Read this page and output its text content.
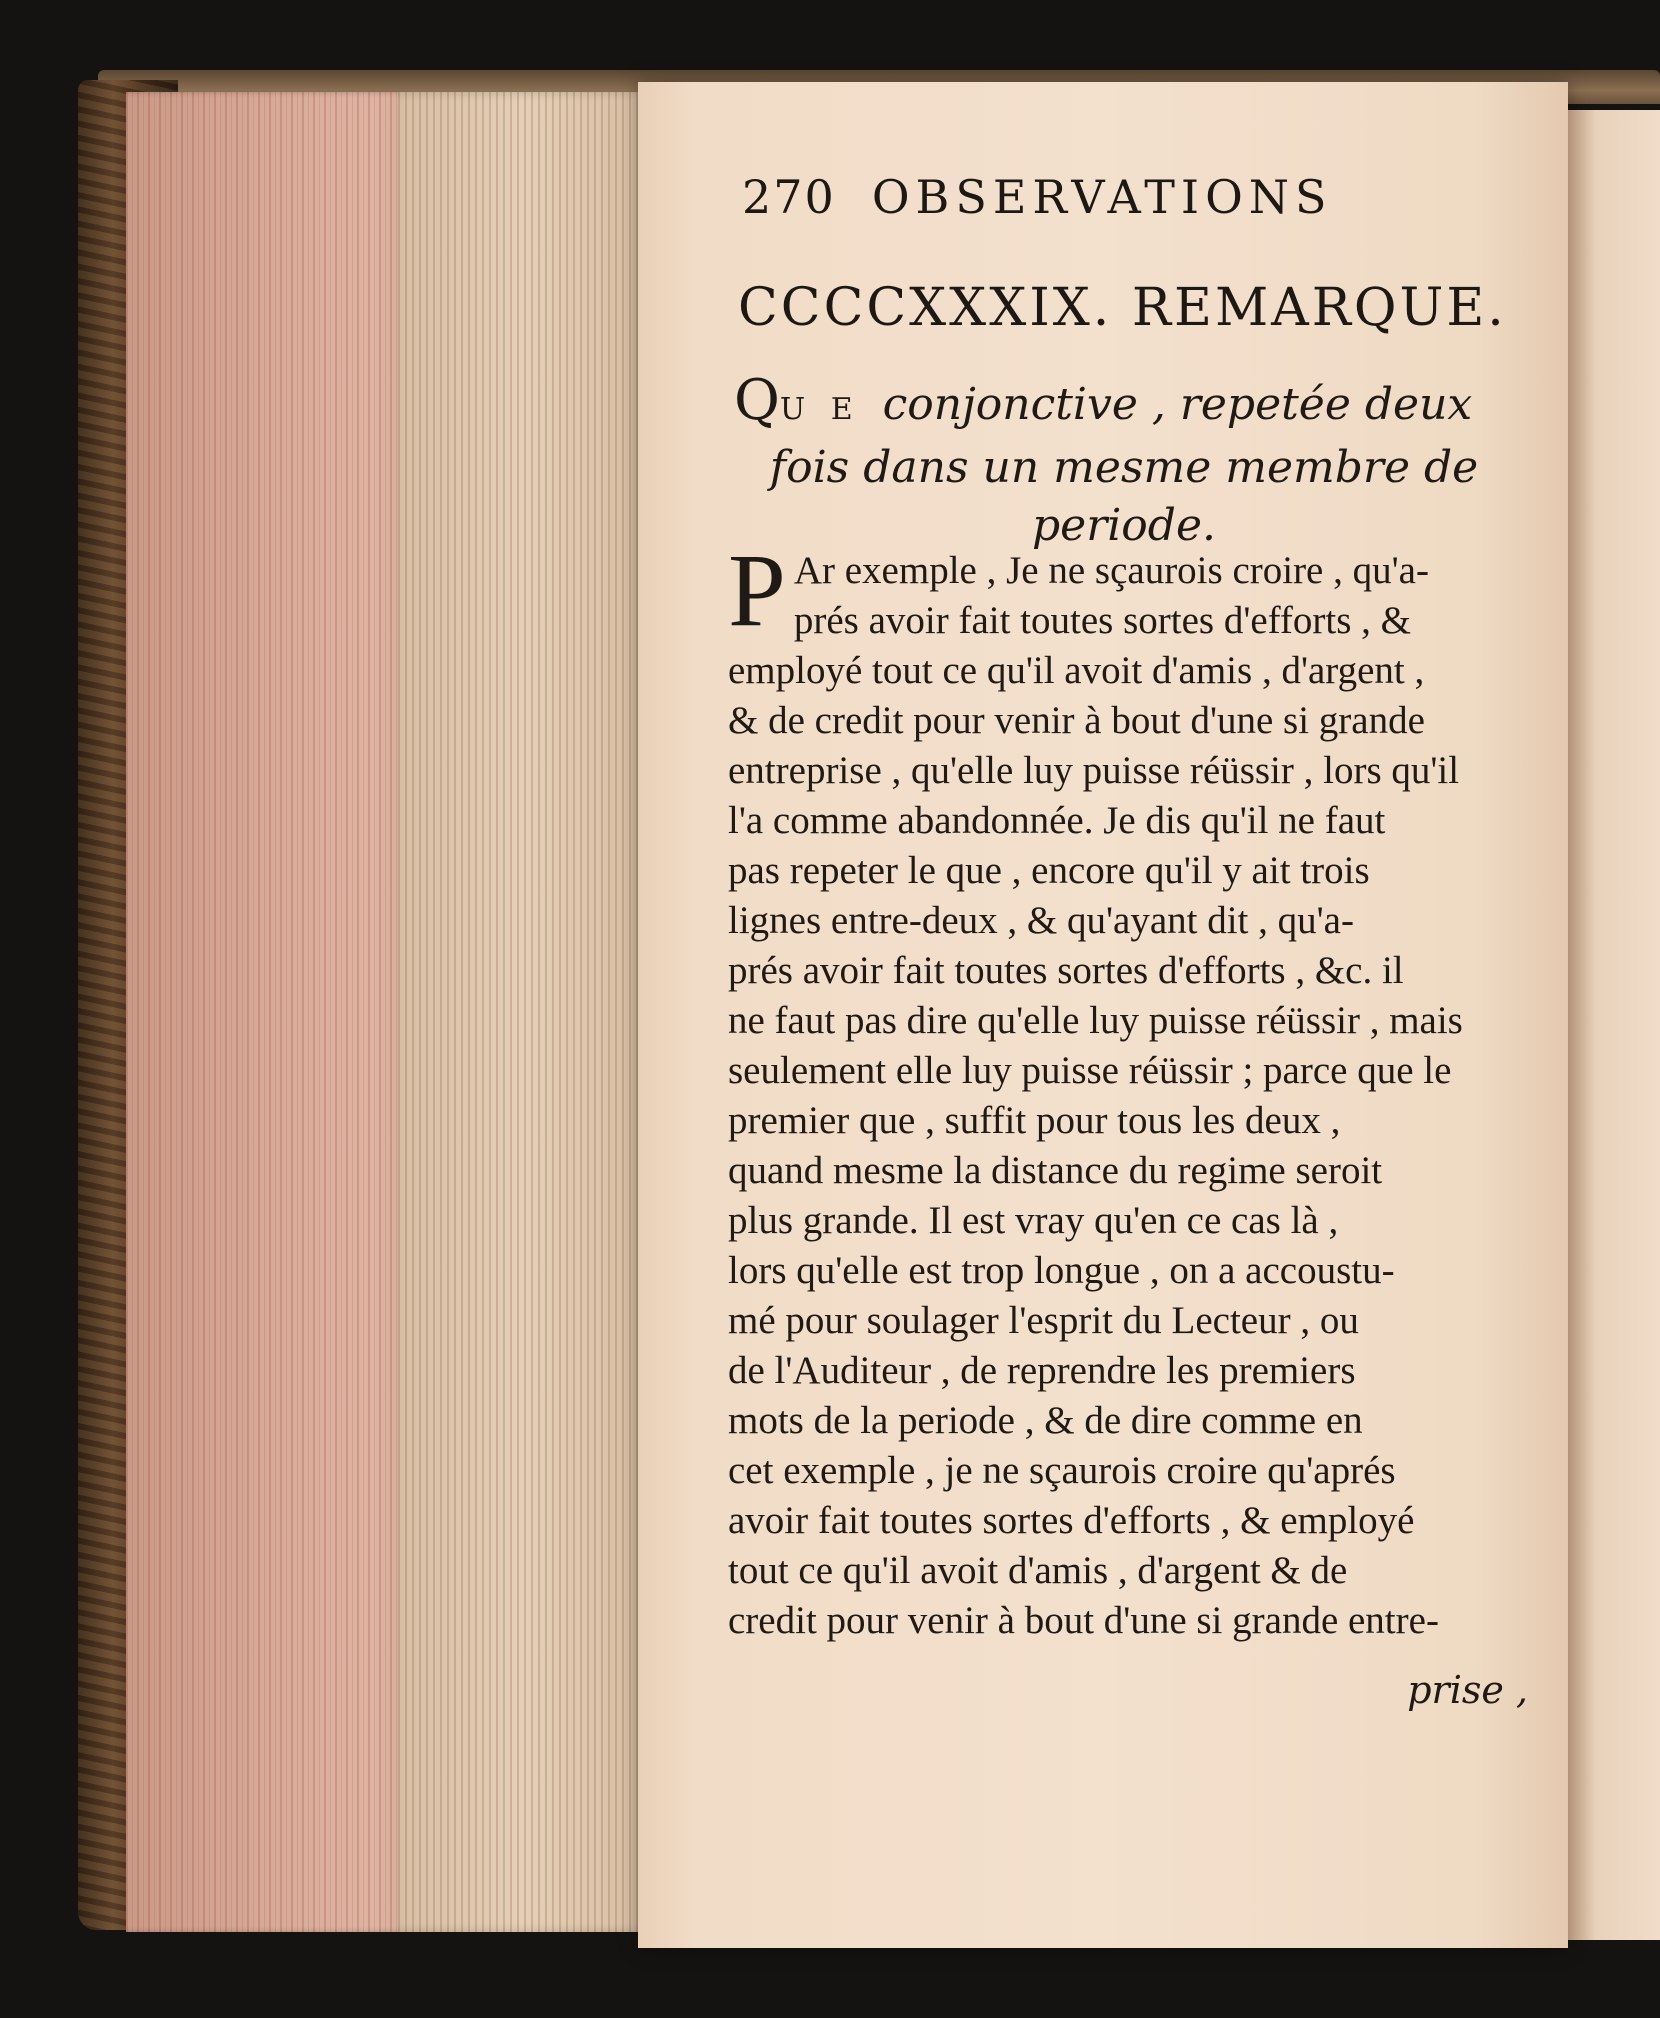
270 OBSERVATIONS
CCCCXXXIX. REMARQUE.
QU E conjonctive , repetée deux
fois dans un mesme membre de
periode.
P Ar exemple , Je ne sçaurois croire , qu'a-
prés avoir fait toutes sortes d'efforts , &
employé tout ce qu'il avoit d'amis , d'argent ,
& de credit pour venir à bout d'une si grande
entreprise , qu'elle luy puisse réüssir , lors qu'il
l'a comme abandonnée. Je dis qu'il ne faut
pas repeter le que , encore qu'il y ait trois
lignes entre-deux , & qu'ayant dit , qu'a-
prés avoir fait toutes sortes d'efforts , &c. il
ne faut pas dire qu'elle luy puisse réüssir , mais
seulement elle luy puisse réüssir ; parce que le
premier que , suffit pour tous les deux ,
quand mesme la distance du regime seroit
plus grande. Il est vray qu'en ce cas là ,
lors qu'elle est trop longue , on a accoustu-
mé pour soulager l'esprit du Lecteur , ou
de l'Auditeur , de reprendre les premiers
mots de la periode , & de dire comme en
cet exemple , je ne sçaurois croire qu'aprés
avoir fait toutes sortes d'efforts , & employé
tout ce qu'il avoit d'amis , d'argent & de
credit pour venir à bout d'une si grande entre-
prise ,
